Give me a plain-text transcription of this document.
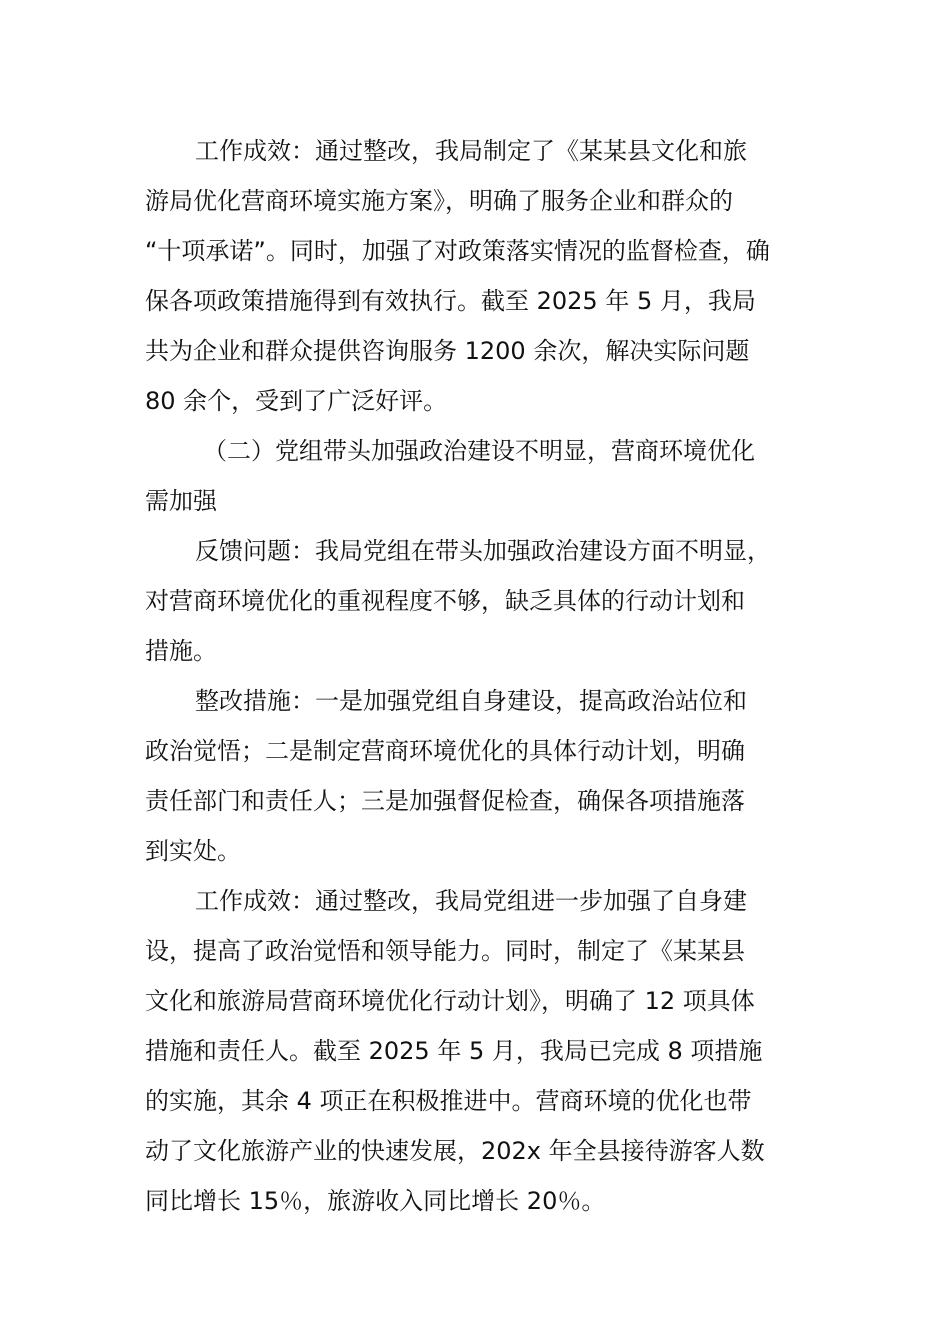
工作成效：通过整改，我局制定了《某某县文化和旅
游局优化营商环境实施方案》，明确了服务企业和群众的
“十项承诺”。同时，加强了对政策落实情况的监督检查，确
保各项政策措施得到有效执行。截至 2025 年 5 月，我局
共为企业和群众提供咨询服务 1200 余次，解决实际问题
80 余个，受到了广泛好评。
（二）党组带头加强政治建设不明显，营商环境优化
需加强
反馈问题：我局党组在带头加强政治建设方面不明显，
对营商环境优化的重视程度不够，缺乏具体的行动计划和
措施。
整改措施：一是加强党组自身建设，提高政治站位和
政治觉悟；二是制定营商环境优化的具体行动计划，明确
责任部门和责任人；三是加强督促检查，确保各项措施落
到实处。
工作成效：通过整改，我局党组进一步加强了自身建
设，提高了政治觉悟和领导能力。同时，制定了《某某县
文化和旅游局营商环境优化行动计划》，明确了 12 项具体
措施和责任人。截至 2025 年 5 月，我局已完成 8 项措施
的实施，其余 4 项正在积极推进中。营商环境的优化也带
动了文化旅游产业的快速发展，202x 年全县接待游客人数
同比增长 15％，旅游收入同比增长 20％。
